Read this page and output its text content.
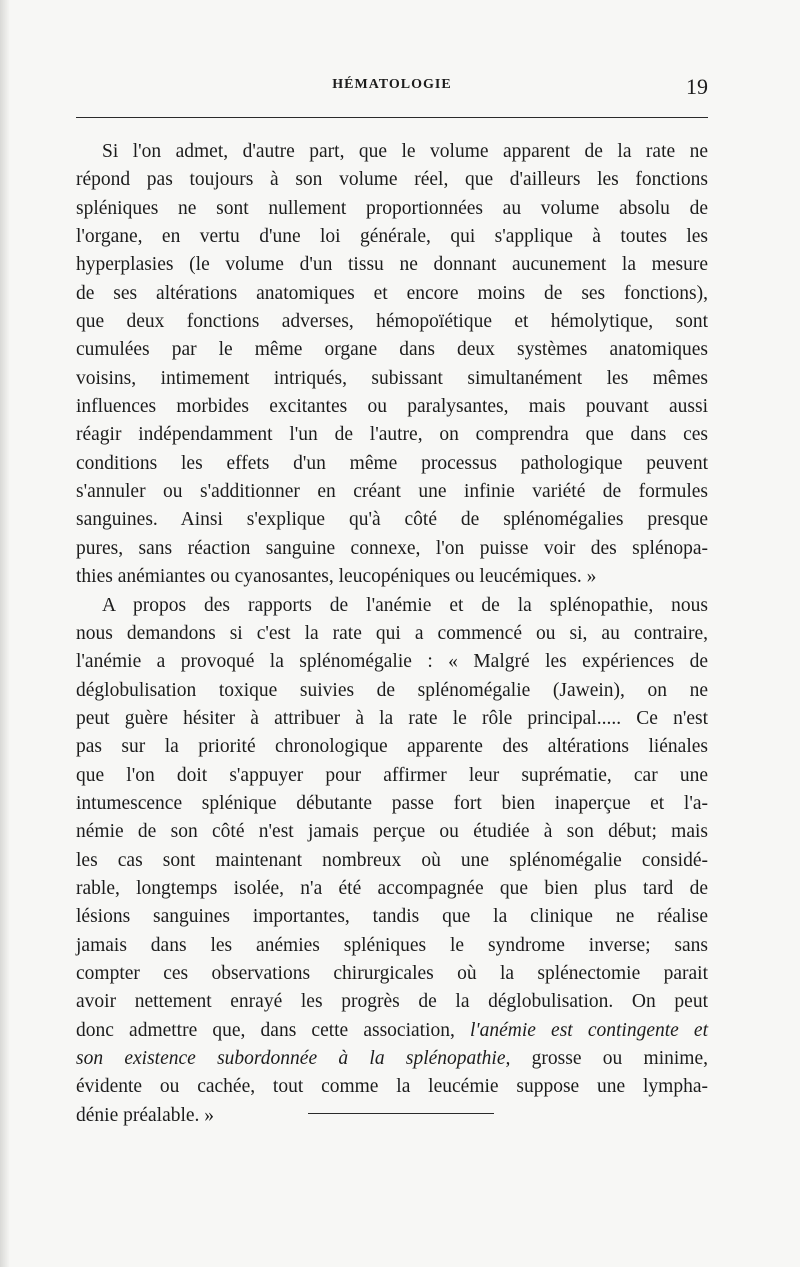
HÉMATOLOGIE	19
Si l'on admet, d'autre part, que le volume apparent de la rate ne
répond pas toujours à son volume réel, que d'ailleurs les fonctions
spléniques ne sont nullement proportionnées au volume absolu de
l'organe, en vertu d'une loi générale, qui s'applique à toutes les
hyperplasies (le volume d'un tissu ne donnant aucunement la mesure
de ses altérations anatomiques et encore moins de ses fonctions),
que deux fonctions adverses, hémopoïétique et hémolytique, sont
cumulées par le même organe dans deux systèmes anatomiques
voisins, intimement intriqués, subissant simultanément les mêmes
influences morbides excitantes ou paralysantes, mais pouvant aussi
réagir indépendamment l'un de l'autre, on comprendra que dans ces
conditions les effets d'un même processus pathologique peuvent
s'annuler ou s'additionner en créant une infinie variété de formules
sanguines. Ainsi s'explique qu'à côté de splénomégalies presque
pures, sans réaction sanguine connexe, l'on puisse voir des splénopa-
thies anémiantes ou cyanosantes, leucopéniques ou leucémiques. »
A propos des rapports de l'anémie et de la splénopathie, nous
nous demandons si c'est la rate qui a commencé ou si, au contraire,
l'anémie a provoqué la splénomégalie : « Malgré les expériences de
déglobulisation toxique suivies de splénomégalie (Jawein), on ne
peut guère hésiter à attribuer à la rate le rôle principal..... Ce n'est
pas sur la priorité chronologique apparente des altérations liénales
que l'on doit s'appuyer pour affirmer leur suprématie, car une
intumescence splénique débutante passe fort bien inaperçue et l'a-
némie de son côté n'est jamais perçue ou étudiée à son début; mais
les cas sont maintenant nombreux où une splénomégalie considé-
rable, longtemps isolée, n'a été accompagnée que bien plus tard de
lésions sanguines importantes, tandis que la clinique ne réalise
jamais dans les anémies spléniques le syndrome inverse; sans
compter ces observations chirurgicales où la splénectomie parait
avoir nettement enrayé les progrès de la déglobulisation. On peut
donc admettre que, dans cette association, l'anémie est contingente et
son existence subordonnée à la splénopathie, grosse ou minime,
évidente ou cachée, tout comme la leucémie suppose une lympha-
dénie préalable. »
